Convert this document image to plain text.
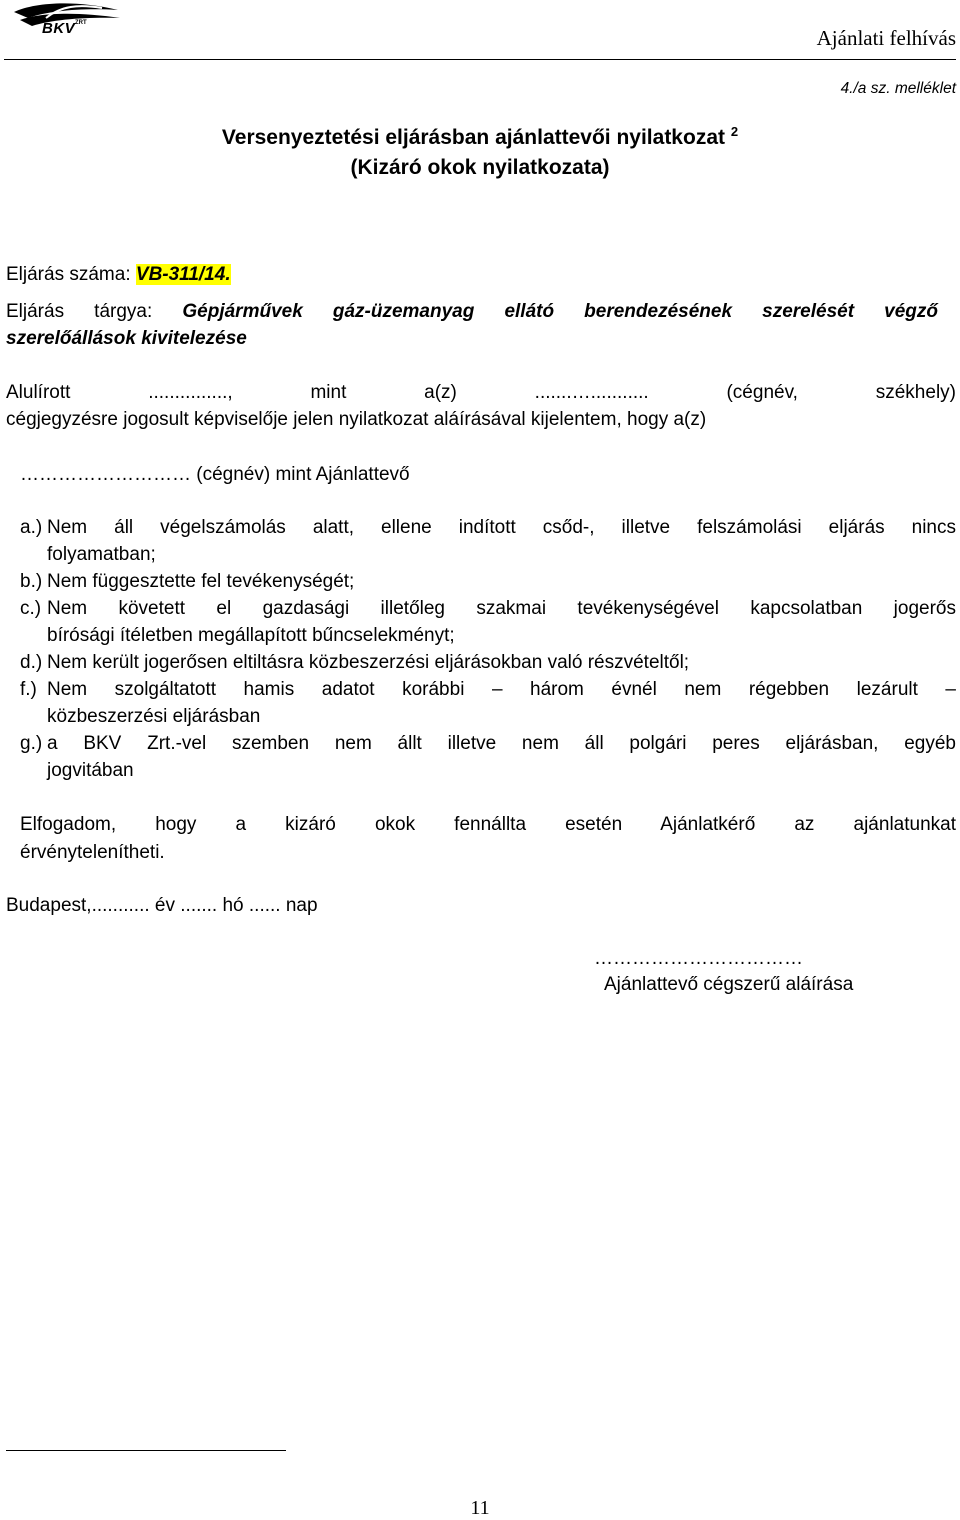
BKV ZRT
Ajánlati felhívás
4./a sz. melléklet
Versenyeztetési eljárásban ajánlattevői nyilatkozat $^2$
(Kizáró okok nyilatkozata)
Eljárás száma: VB-311/14.
Eljárás tárgya: Gépjárművek gáz-üzemanyag ellátó berendezésének szerelését végző
szerelőállások kivitelezése
Alulírott ..............., mint a(z) .......…........... (cégnév, székhely)
cégjegyzésre jogosult képviselője jelen nyilatkozat aláírásával kijelentem, hogy a(z)
……………………… (cégnév) mint Ajánlattevő
a.) Nem áll végelszámolás alatt, ellene indított csőd-, illetve felszámolási eljárás nincs
folyamatban;
b.) Nem függesztette fel tevékenységét;
c.) Nem követett el gazdasági illetőleg szakmai tevékenységével kapcsolatban jogerős
bírósági ítéletben megállapított bűncselekményt;
d.) Nem került jogerősen eltiltásra közbeszerzési eljárásokban való részvételtől;
f.) Nem szolgáltatott hamis adatot korábbi – három évnél nem régebben lezárult –
közbeszerzési eljárásban
g.) a BKV Zrt.-vel szemben nem állt illetve nem áll polgári peres eljárásban, egyéb
jogvitában
Elfogadom, hogy a kizáró okok fennállta esetén Ajánlatkérő az ajánlatunkat
érvénytelenítheti.
Budapest,........... év ....... hó ...... nap
……………………………
Ajánlattevő cégszerű aláírása
11
